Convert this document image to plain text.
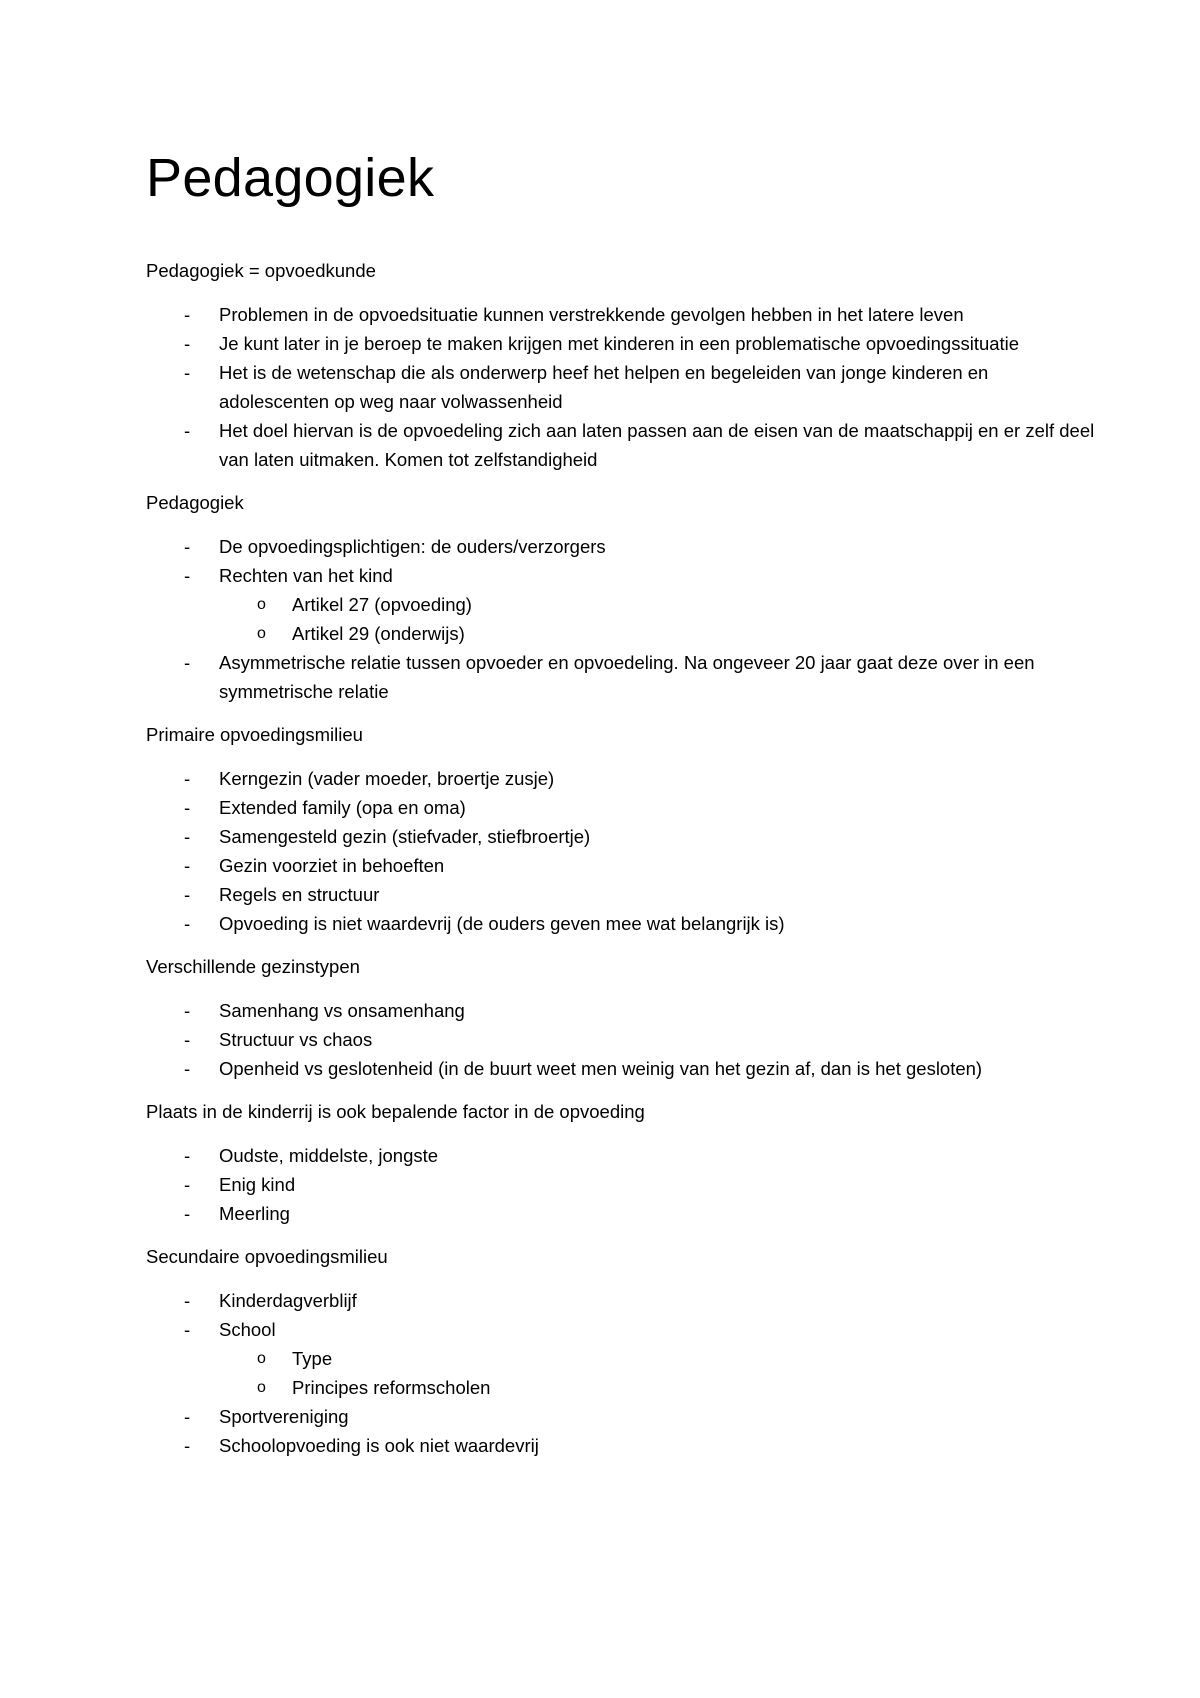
Pedagogiek

Pedagogiek = opvoedkunde

- Problemen in de opvoedsituatie kunnen verstrekkende gevolgen hebben in het latere leven
- Je kunt later in je beroep te maken krijgen met kinderen in een problematische opvoedingssituatie
- Het is de wetenschap die als onderwerp heef het helpen en begeleiden van jonge kinderen en adolescenten op weg naar volwassenheid
- Het doel hiervan is de opvoedeling zich aan laten passen aan de eisen van de maatschappij en er zelf deel van laten uitmaken. Komen tot zelfstandigheid

Pedagogiek

- De opvoedingsplichtigen: de ouders/verzorgers
- Rechten van het kind
o Artikel 27 (opvoeding)
o Artikel 29 (onderwijs)
- Asymmetrische relatie tussen opvoeder en opvoedeling. Na ongeveer 20 jaar gaat deze over in een symmetrische relatie

Primaire opvoedingsmilieu

- Kerngezin (vader moeder, broertje zusje)
- Extended family (opa en oma)
- Samengesteld gezin (stiefvader, stiefbroertje)
- Gezin voorziet in behoeften
- Regels en structuur
- Opvoeding is niet waardevrij (de ouders geven mee wat belangrijk is)

Verschillende gezinstypen

- Samenhang vs onsamenhang
- Structuur vs chaos
- Openheid vs geslotenheid (in de buurt weet men weinig van het gezin af, dan is het gesloten)

Plaats in de kinderrij is ook bepalende factor in de opvoeding

- Oudste, middelste, jongste
- Enig kind
- Meerling

Secundaire opvoedingsmilieu

- Kinderdagverblijf
- School
o Type
o Principes reformscholen
- Sportvereniging
- Schoolopvoeding is ook niet waardevrij
